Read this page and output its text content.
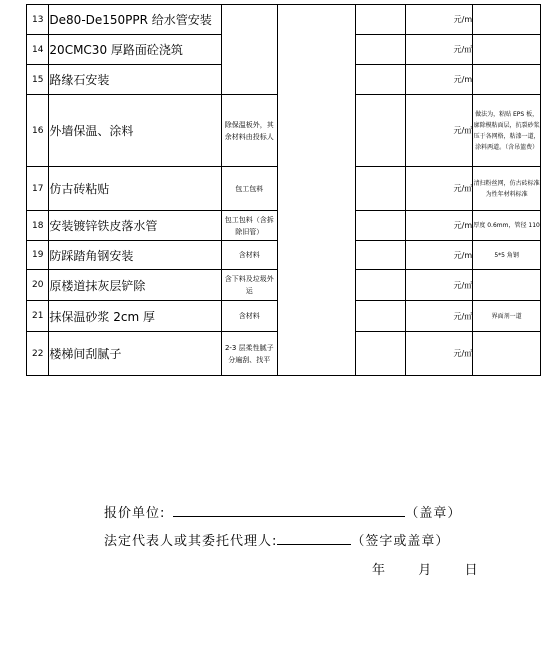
13	De80-De150PPR 给水管安装				元/m	
14	20CMC30 厚路面砼浇筑				元/㎡	
15	路缘石安装				元/m	
16	外墙保温、涂料	除保温板外，其余材料由投标人			元/㎡	做法为，粘贴 EPS 板，廓除模粘面层，抗裂砂浆压于各网格，粘漆一道，涂料两道。（含吊篮费）
17	仿古砖粘贴	包工包料			元/㎡	清扫粉丝网，仿古砖标准为性年材料标准
18	安装镀锌铁皮落水管	包工包料（含拆除旧管）			元/m	厚度 0.6mm，管径 110
19	防踩踏角钢安装	含材料			元/m	5*5 角钢
20	原楼道抹灰层铲除	含下料及垃圾外运			元/㎡	
21	抹保温砂浆 2cm 厚	含材料			元/㎡	界面剂一道
22	楼梯间刮腻子	2-3 层柔性腻子分遍刮、找平			元/㎡	
报价单位:	（盖章）
法定代表人或其委托代理人:	（签字或盖章）
年 月 日
